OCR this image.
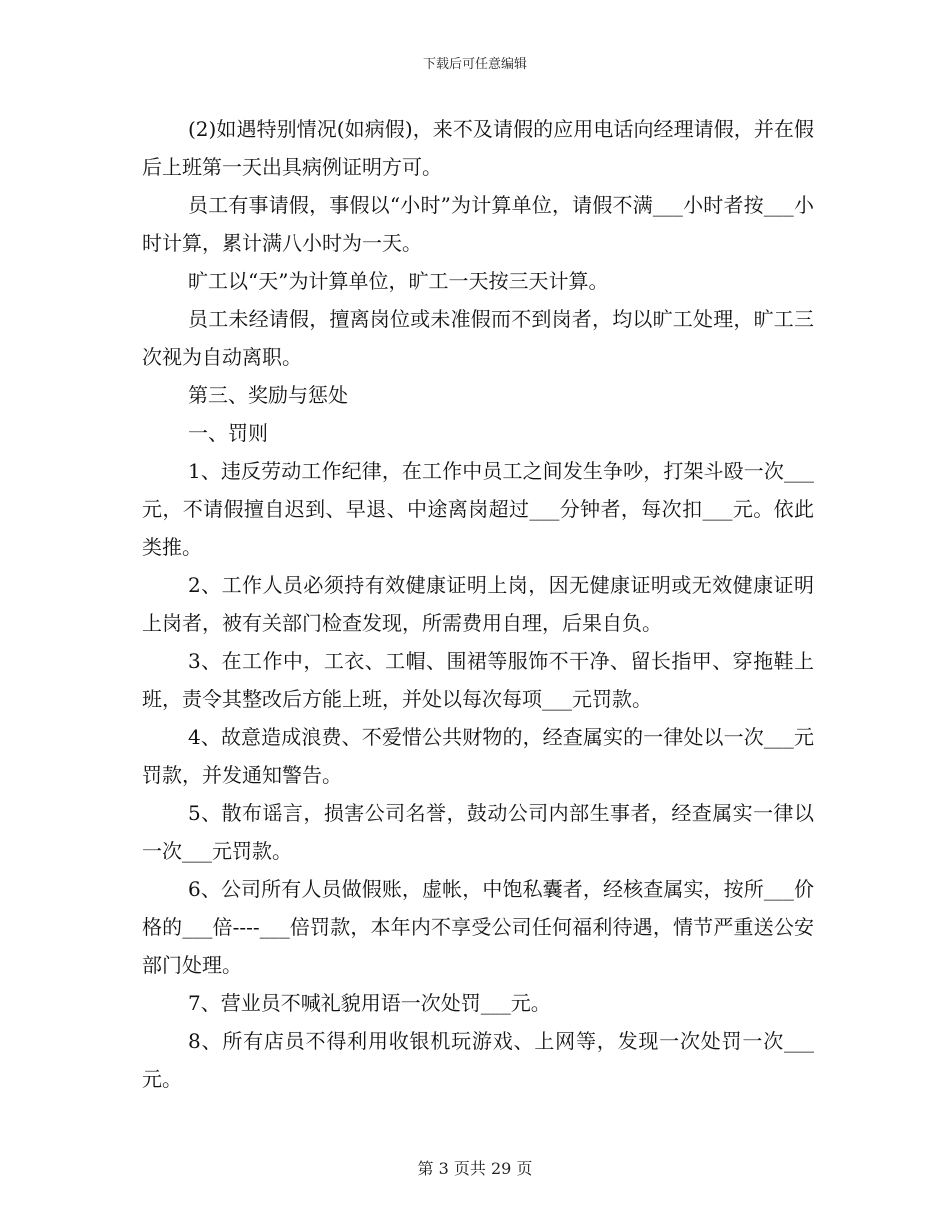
下载后可任意编辑

(2)如遇特别情况(如病假)，来不及请假的应用电话向经理请假，并在假后上班第一天出具病例证明方可。

员工有事请假，事假以“小时”为计算单位，请假不满___小时者按___小时计算，累计满八小时为一天。

旷工以“天”为计算单位，旷工一天按三天计算。

员工未经请假，擅离岗位或未准假而不到岗者，均以旷工处理，旷工三次视为自动离职。

第三、奖励与惩处

一、罚则

1、违反劳动工作纪律，在工作中员工之间发生争吵，打架斗殴一次___元，不请假擅自迟到、早退、中途离岗超过___分钟者，每次扣___元。依此类推。

2、工作人员必须持有效健康证明上岗，因无健康证明或无效健康证明上岗者，被有关部门检查发现，所需费用自理，后果自负。

3、在工作中，工衣、工帽、围裙等服饰不干净、留长指甲、穿拖鞋上班，责令其整改后方能上班，并处以每次每项___元罚款。

4、故意造成浪费、不爱惜公共财物的，经查属实的一律处以一次___元罚款，并发通知警告。

5、散布谣言，损害公司名誉，鼓动公司内部生事者，经查属实一律以一次___元罚款。

6、公司所有人员做假账，虚帐，中饱私囊者，经核查属实，按所___价格的___倍----___倍罚款，本年内不享受公司任何福利待遇，情节严重送公安部门处理。

7、营业员不喊礼貌用语一次处罚___元。

8、所有店员不得利用收银机玩游戏、上网等，发现一次处罚一次___元。

第 3 页共 29 页
